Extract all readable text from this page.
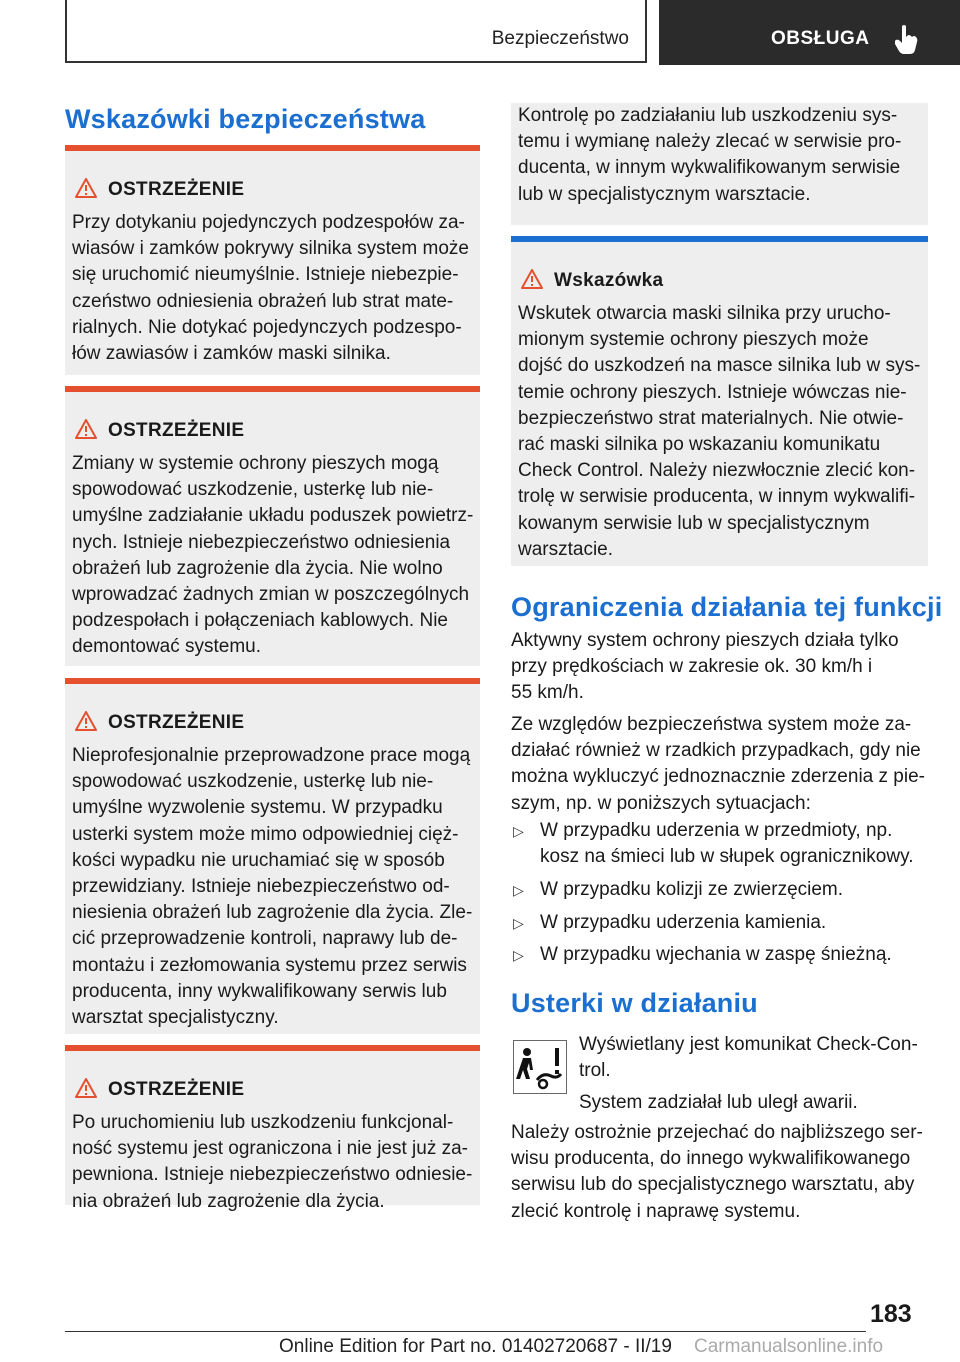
Bezpieczeństwo	OBSŁUGA
Wskazówki bezpieczeństwa
OSTRZEŻENIE
Przy dotykaniu pojedynczych podzespołów za-
wiasów i zamków pokrywy silnika system może
się uruchomić nieumyślnie. Istnieje niebezpie-
czeństwo odniesienia obrażeń lub strat mate-
rialnych. Nie dotykać pojedynczych podzespo-
łów zawiasów i zamków maski silnika.
OSTRZEŻENIE
Zmiany w systemie ochrony pieszych mogą
spowodować uszkodzenie, usterkę lub nie-
umyślne zadziałanie układu poduszek powietrz-
nych. Istnieje niebezpieczeństwo odniesienia
obrażeń lub zagrożenie dla życia. Nie wolno
wprowadzać żadnych zmian w poszczególnych
podzespołach i połączeniach kablowych. Nie
demontować systemu.
OSTRZEŻENIE
Nieprofesjonalnie przeprowadzone prace mogą
spowodować uszkodzenie, usterkę lub nie-
umyślne wyzwolenie systemu. W przypadku
usterki system może mimo odpowiedniej cięż-
kości wypadku nie uruchamiać się w sposób
przewidziany. Istnieje niebezpieczeństwo od-
niesienia obrażeń lub zagrożenie dla życia. Zle-
cić przeprowadzenie kontroli, naprawy lub de-
montażu i zezłomowania systemu przez serwis
producenta, inny wykwalifikowany serwis lub
warsztat specjalistyczny.
OSTRZEŻENIE
Po uruchomieniu lub uszkodzeniu funkcjonal-
ność systemu jest ograniczona i nie jest już za-
pewniona. Istnieje niebezpieczeństwo odniesie-
nia obrażeń lub zagrożenie dla życia.
Kontrolę po zadziałaniu lub uszkodzeniu sys-
temu i wymianę należy zlecać w serwisie pro-
ducenta, w innym wykwalifikowanym serwisie
lub w specjalistycznym warsztacie.
Wskazówka
Wskutek otwarcia maski silnika przy urucho-
mionym systemie ochrony pieszych może
dojść do uszkodzeń na masce silnika lub w sys-
temie ochrony pieszych. Istnieje wówczas nie-
bezpieczeństwo strat materialnych. Nie otwie-
rać maski silnika po wskazaniu komunikatu
Check Control. Należy niezwłocznie zlecić kon-
trolę w serwisie producenta, w innym wykwalifi-
kowanym serwisie lub w specjalistycznym
warsztacie.
Ograniczenia działania tej funkcji
Aktywny system ochrony pieszych działa tylko
przy prędkościach w zakresie ok. 30 km/h i
55 km/h.
Ze względów bezpieczeństwa system może za-
działać również w rzadkich przypadkach, gdy nie
można wykluczyć jednoznacznie zderzenia z pie-
szym, np. w poniższych sytuacjach:
▷ W przypadku uderzenia w przedmioty, np.
kosz na śmieci lub w słupek ogranicznikowy.
▷ W przypadku kolizji ze zwierzęciem.
▷ W przypadku uderzenia kamienia.
▷ W przypadku wjechania w zaspę śnieżną.
Usterki w działaniu
Wyświetlany jest komunikat Check-Con-
trol.
System zadziałał lub uległ awarii.
Należy ostrożnie przejechać do najbliższego ser-
wisu producenta, do innego wykwalifikowanego
serwisu lub do specjalistycznego warsztatu, aby
zlecić kontrolę i naprawę systemu.
183
Online Edition for Part no. 01402720687 - II/19 Carmanualsonline.info
